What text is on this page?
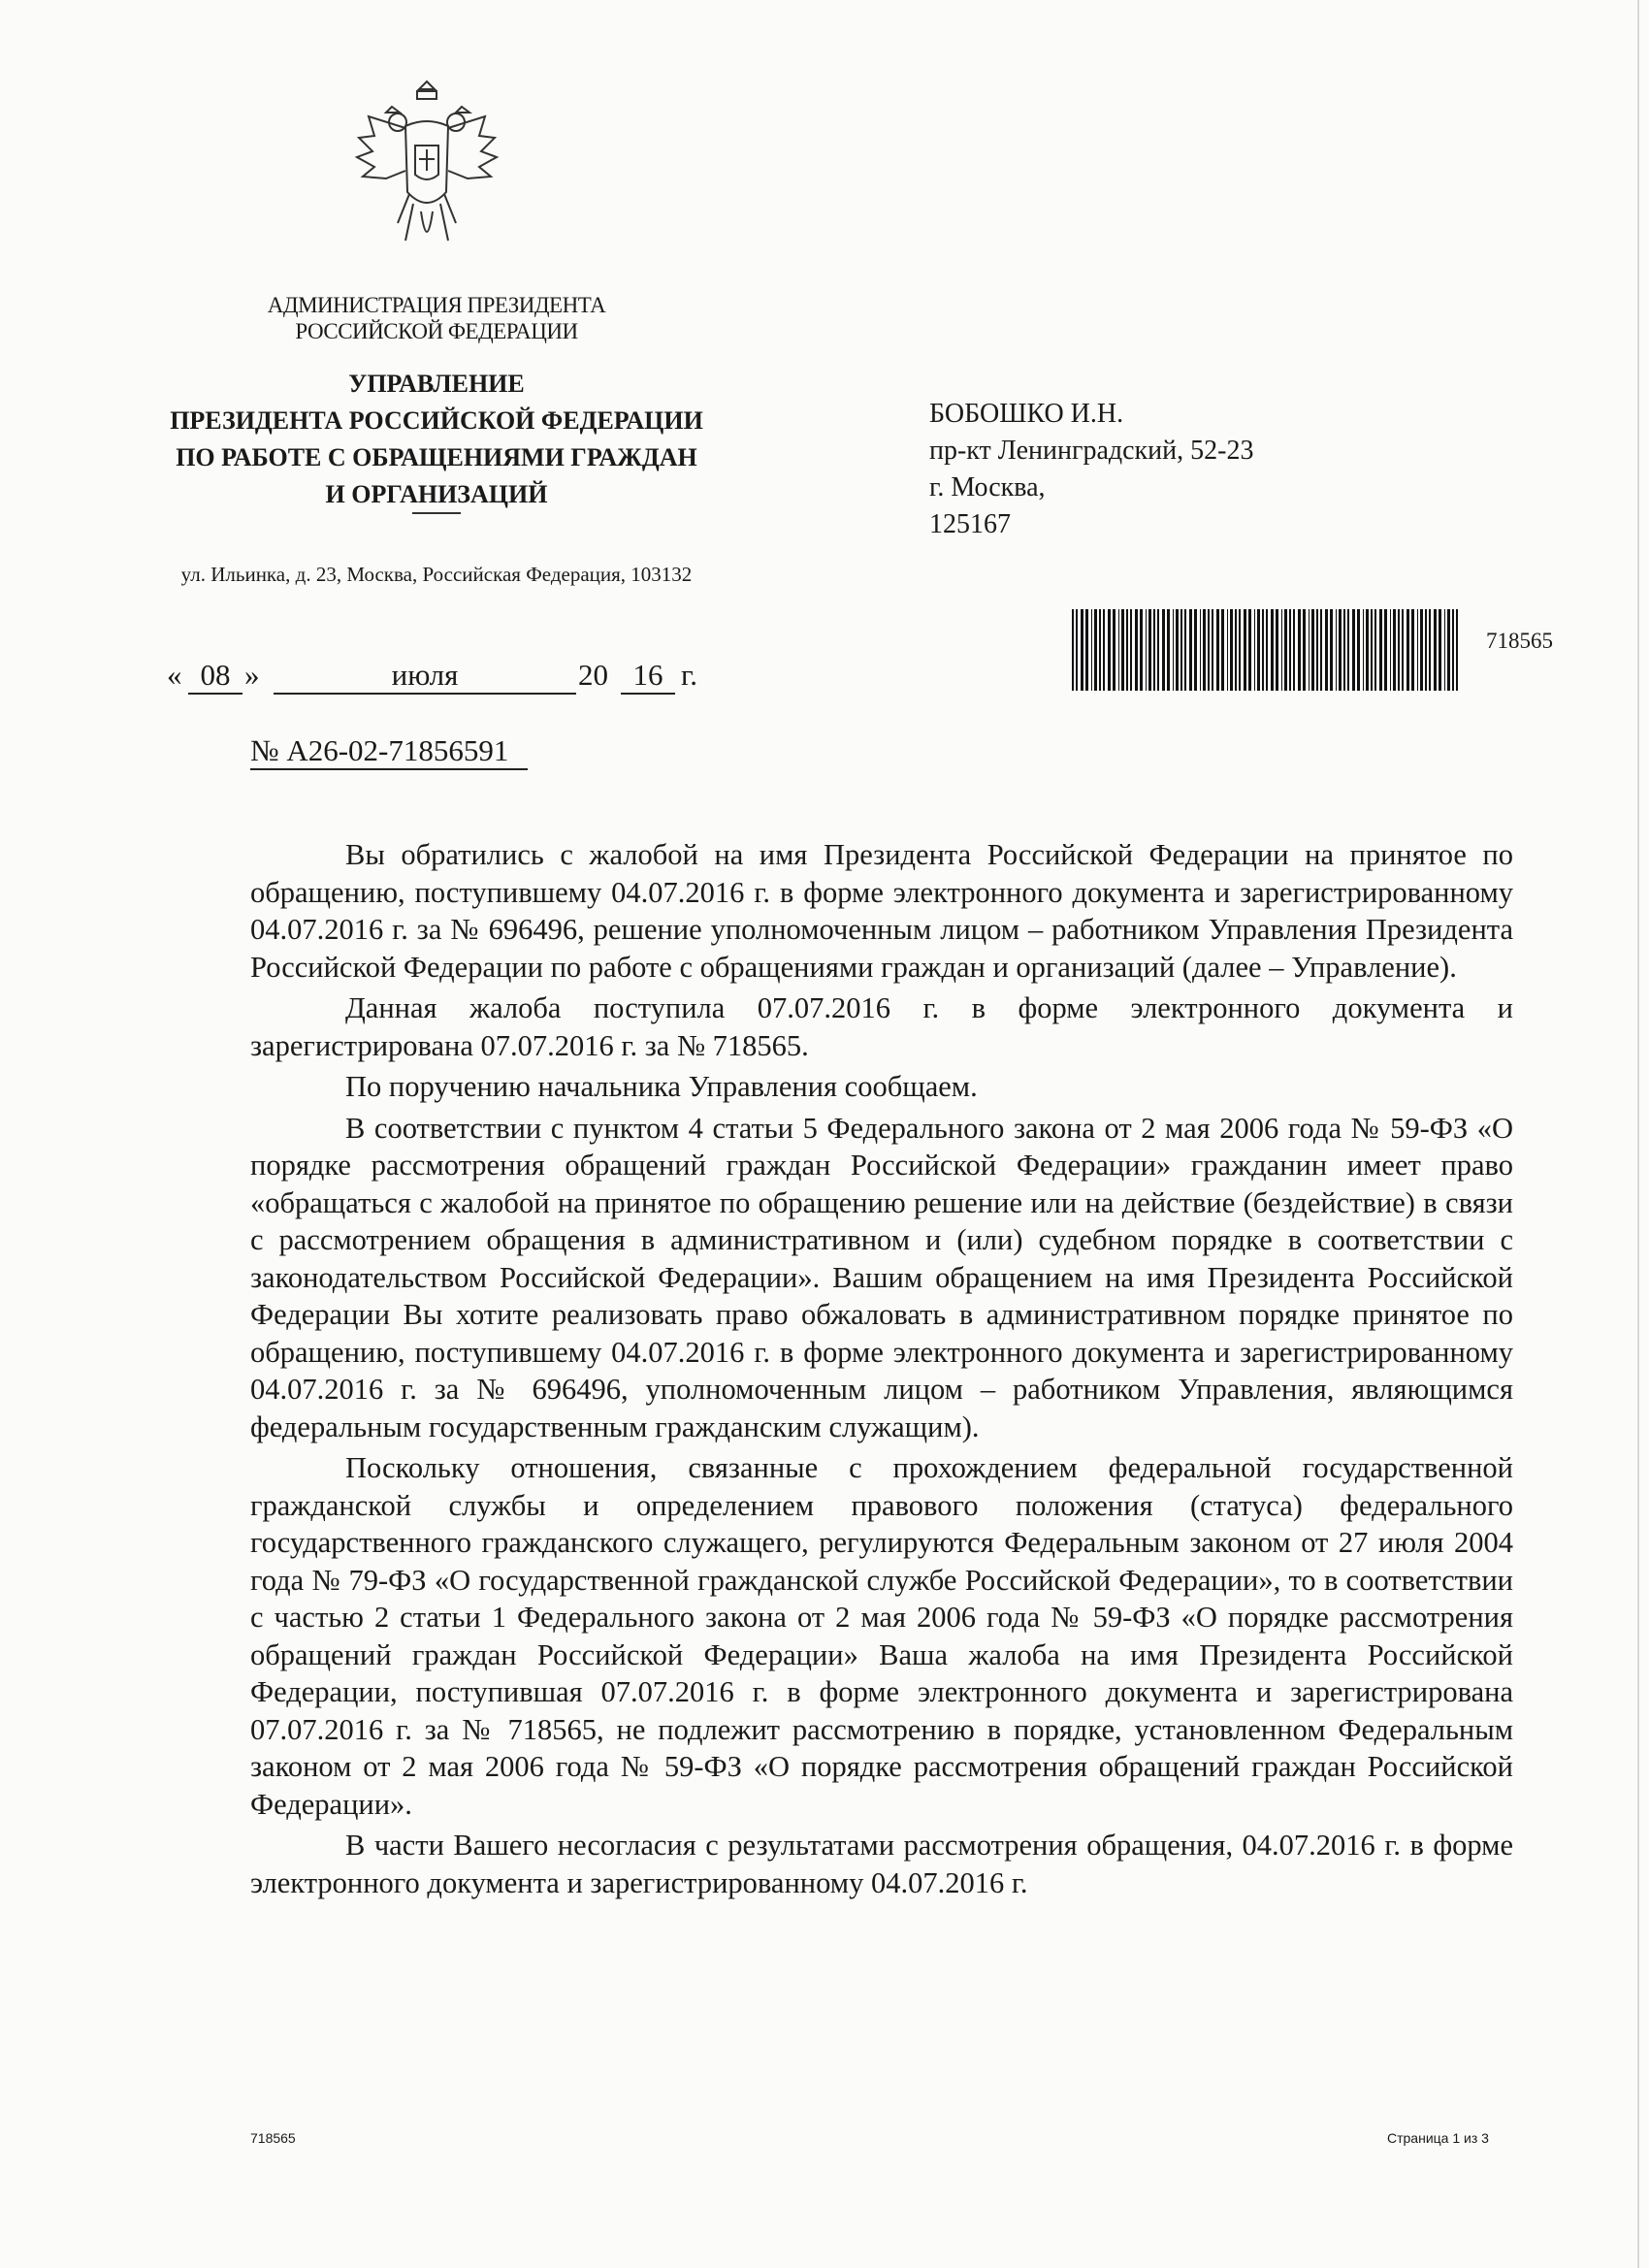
АДМИНИСТРАЦИЯ ПРЕЗИДЕНТА
РОССИЙСКОЙ ФЕДЕРАЦИИ
УПРАВЛЕНИЕ
ПРЕЗИДЕНТА РОССИЙСКОЙ ФЕДЕРАЦИИ
ПО РАБОТЕ С ОБРАЩЕНИЯМИ ГРАЖДАН
И ОРГАНИЗАЦИЙ
ул. Ильинка, д. 23, Москва, Российская Федерация, 103132
БОБОШКО И.Н.
пр-кт Ленинградский, 52-23
г. Москва,
125167
718565
« 08 »	июля	20 16 г.
№ А26-02-71856591

Вы обратились с жалобой на имя Президента Российской Федерации на принятое по обращению, поступившему 04.07.2016 г. в форме электронного документа и зарегистрированному 04.07.2016 г. за № 696496, решение уполномоченным лицом – работником Управления Президента Российской Федерации по работе с обращениями граждан и организаций (далее – Управление).

Данная жалоба поступила 07.07.2016 г. в форме электронного документа и зарегистрирована 07.07.2016 г. за № 718565.

По поручению начальника Управления сообщаем.

В соответствии с пунктом 4 статьи 5 Федерального закона от 2 мая 2006 года № 59-ФЗ «О порядке рассмотрения обращений граждан Российской Федерации» гражданин имеет право «обращаться с жалобой на принятое по обращению решение или на действие (бездействие) в связи с рассмотрением обращения в административном и (или) судебном порядке в соответствии с законодательством Российской Федерации». Вашим обращением на имя Президента Российской Федерации Вы хотите реализовать право обжаловать в административном порядке принятое по обращению, поступившему 04.07.2016 г. в форме электронного документа и зарегистрированному 04.07.2016 г. за № 696496, уполномоченным лицом – работником Управления, являющимся федеральным государственным гражданским служащим).

Поскольку отношения, связанные с прохождением федеральной государственной гражданской службы и определением правового положения (статуса) федерального государственного гражданского служащего, регулируются Федеральным законом от 27 июля 2004 года № 79-ФЗ «О государственной гражданской службе Российской Федерации», то в соответствии с частью 2 статьи 1 Федерального закона от 2 мая 2006 года № 59-ФЗ «О порядке рассмотрения обращений граждан Российской Федерации» Ваша жалоба на имя Президента Российской Федерации, поступившая 07.07.2016 г. в форме электронного документа и зарегистрирована 07.07.2016 г. за № 718565, не подлежит рассмотрению в порядке, установленном Федеральным законом от 2 мая 2006 года № 59-ФЗ «О порядке рассмотрения обращений граждан Российской Федерации».

В части Вашего несогласия с результатами рассмотрения обращения, 04.07.2016 г. в форме электронного документа и зарегистрированному 04.07.2016 г.

718565	Страница 1 из 3
